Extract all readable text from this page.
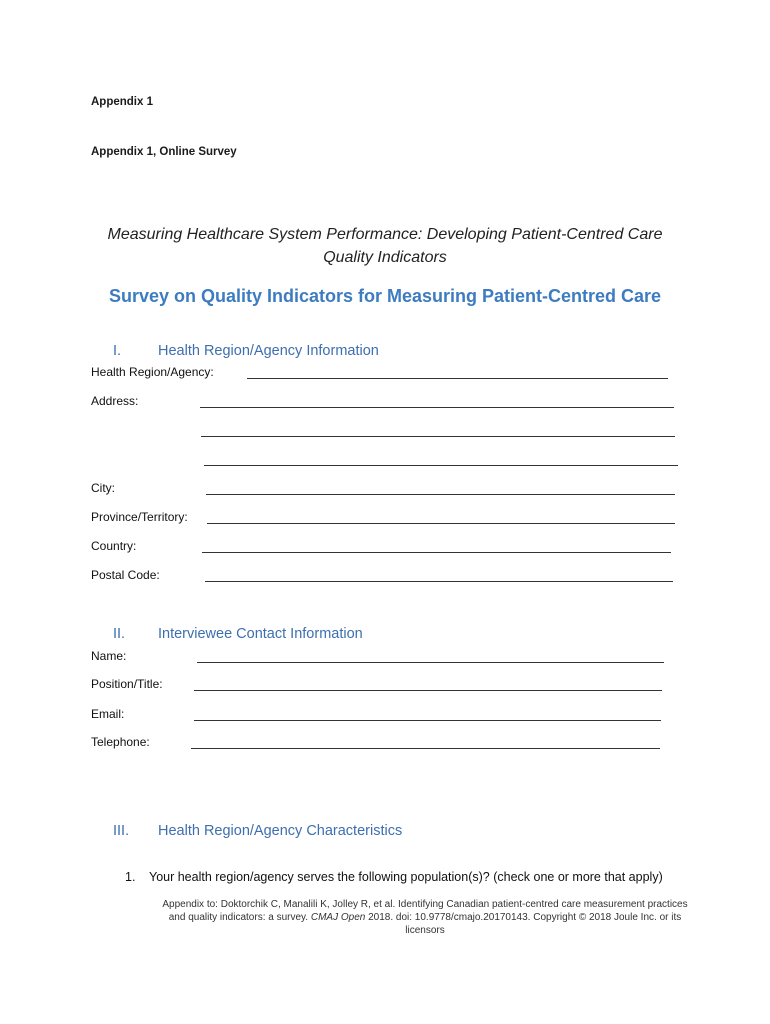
Appendix 1
Appendix 1, Online Survey
Measuring Healthcare System Performance: Developing Patient-Centred Care
Quality Indicators
Survey on Quality Indicators for Measuring Patient-Centred Care
I.	Health Region/Agency Information
Health Region/Agency:
Address:
City:
Province/Territory:
Country:
Postal Code:
II. Interviewee Contact Information
Name:
Position/Title:
Email:
Telephone:
III. Health Region/Agency Characteristics
1. Your health region/agency serves the following population(s)? (check one or more that apply)
Appendix to: Doktorchik C, Manalili K, Jolley R, et al. Identifying Canadian patient-centred care measurement practices
and quality indicators: a survey. CMAJ Open 2018. doi: 10.9778/cmajo.20170143. Copyright © 2018 Joule Inc. or its
licensors
